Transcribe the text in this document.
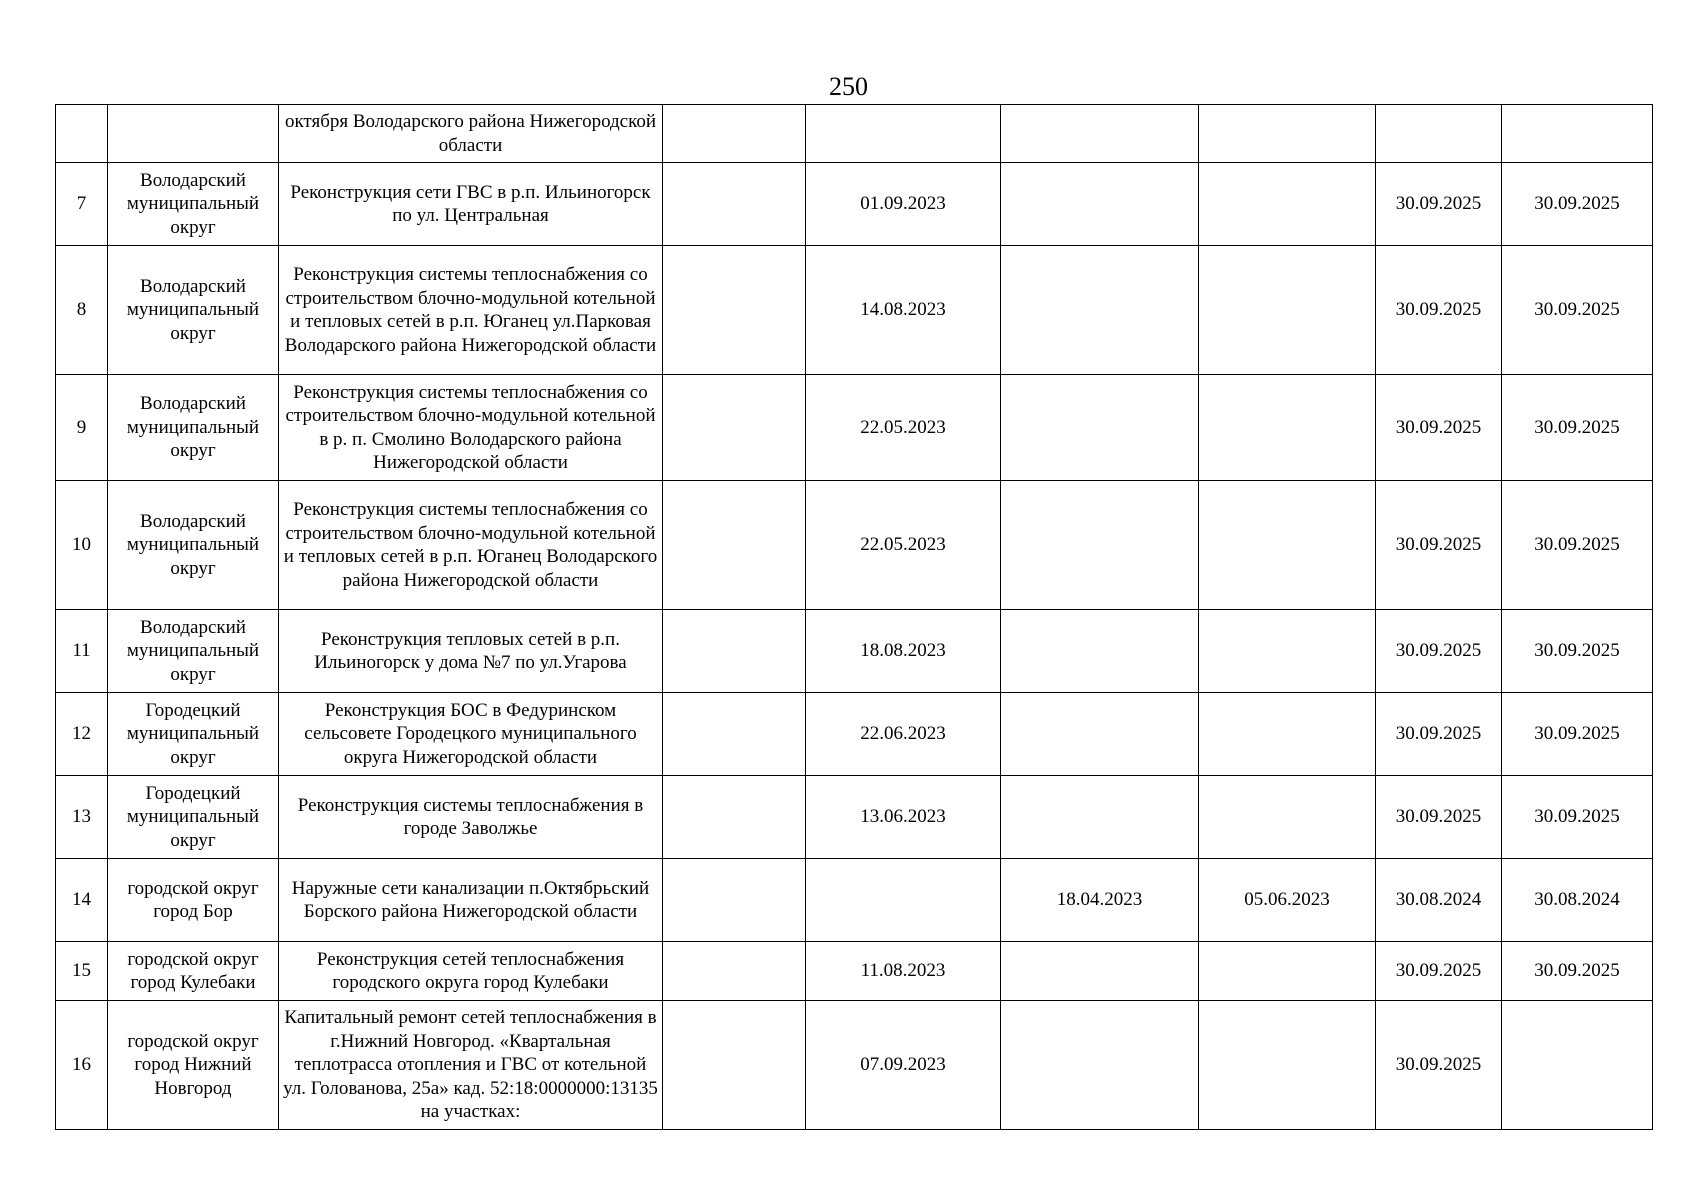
250
		октября Володарского района Нижегородской области						
7	Володарский муниципальный округ	Реконструкция сети ГВС в р.п. Ильиногорск по ул. Центральная		01.09.2023			30.09.2025	30.09.2025
8	Володарский муниципальный округ	Реконструкция системы теплоснабжения со строительством блочно-модульной котельной и тепловых сетей в р.п. Юганец ул.Парковая Володарского района Нижегородской области		14.08.2023			30.09.2025	30.09.2025
9	Володарский муниципальный округ	Реконструкция системы теплоснабжения со строительством блочно-модульной котельной в р. п. Смолино Володарского района Нижегородской области		22.05.2023			30.09.2025	30.09.2025
10	Володарский муниципальный округ	Реконструкция системы теплоснабжения со строительством блочно-модульной котельной и тепловых сетей в р.п. Юганец Володарского района Нижегородской области		22.05.2023			30.09.2025	30.09.2025
11	Володарский муниципальный округ	Реконструкция тепловых сетей в р.п. Ильиногорск у дома №7 по ул.Угарова		18.08.2023			30.09.2025	30.09.2025
12	Городецкий муниципальный округ	Реконструкция БОС в Федуринском сельсовете Городецкого муниципального округа Нижегородской области		22.06.2023			30.09.2025	30.09.2025
13	Городецкий муниципальный округ	Реконструкция системы теплоснабжения в городе Заволжье		13.06.2023			30.09.2025	30.09.2025
14	городской округ город Бор	Наружные сети канализации п.Октябрьский Борского района Нижегородской области			18.04.2023	05.06.2023	30.08.2024	30.08.2024
15	городской округ город Кулебаки	Реконструкция сетей теплоснабжения городского округа город Кулебаки		11.08.2023			30.09.2025	30.09.2025
16	городской округ город Нижний Новгород	Капитальный ремонт сетей теплоснабжения в г.Нижний Новгород. «Квартальная теплотрасса отопления и ГВС от котельной ул. Голованова, 25а» кад. 52:18:0000000:13135 на участках:		07.09.2023			30.09.2025	
